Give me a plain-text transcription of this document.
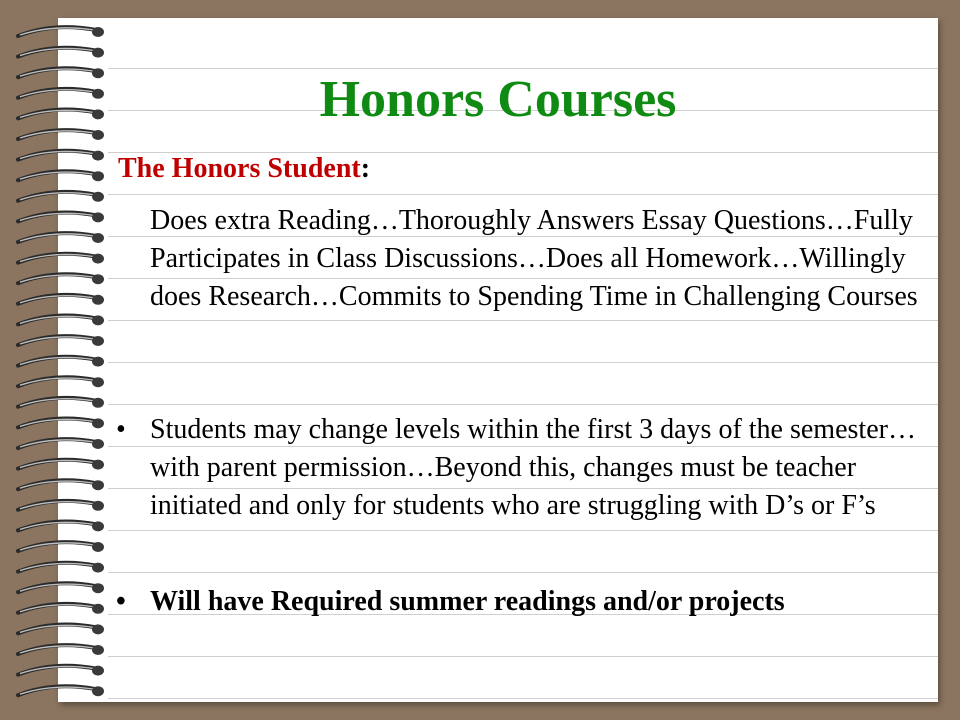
Honors Courses
The Honors Student:
Does extra Reading…Thoroughly Answers Essay Questions…Fully Participates in Class Discussions…Does all Homework…Willingly does Research…Commits to Spending Time in Challenging Courses
• Students may change levels within the first 3 days of the semester…with parent permission…Beyond this, changes must be teacher initiated and only for students who are struggling with D’s or F’s
• Will have Required summer readings and/or projects
